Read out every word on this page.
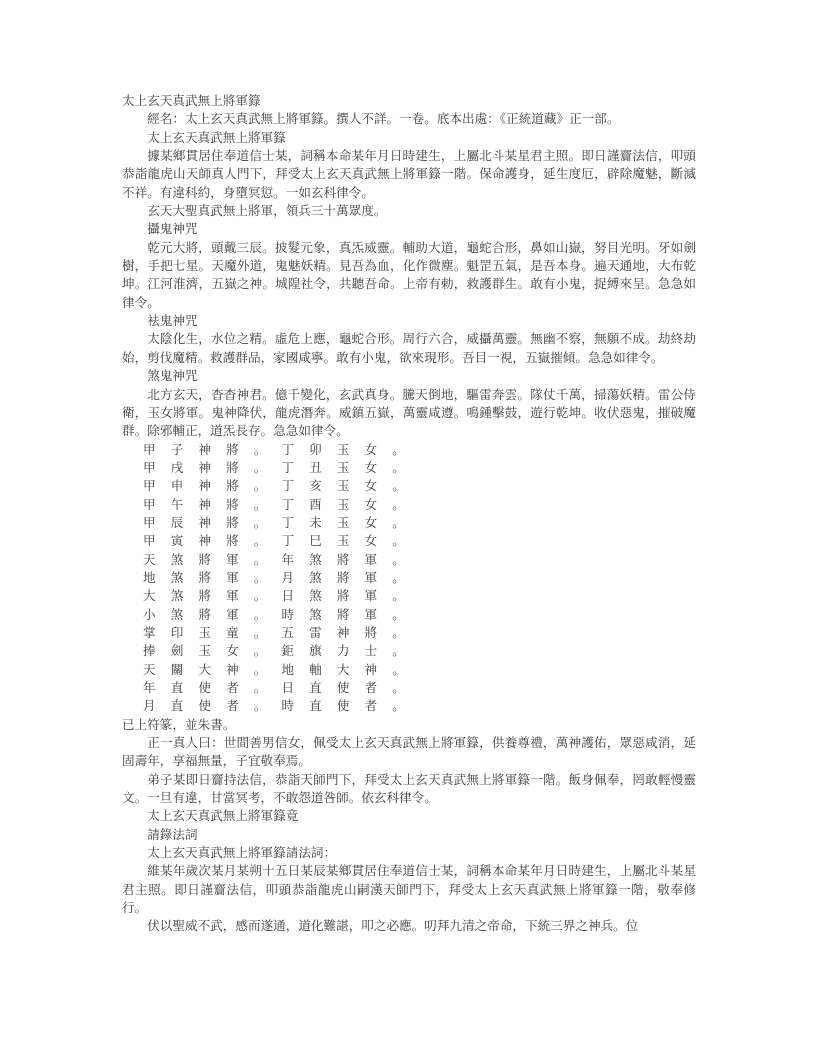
太上玄天真武無上將軍籙

經名：太上玄天真武無上將軍籙。撰人不詳。一卷。底本出處：《正統道藏》正一部。

太上玄天真武無上將軍籙

據某鄉貫居住奉道信士某，詞稱本命某年月日時建生，上屬北斗某星君主照。即日謹齎法信，叩頭恭詣龍虎山天師真人門下，拜受太上玄天真武無上將軍籙一階。保命護身，延生度厄，辟除魔魅，斷滅不祥。有違科約，身墮冥愆。一如玄科律令。

玄天大聖真武無上將軍，領兵三十萬眾度。

攝鬼神咒

乾元大將，頭戴三辰。披髮元象，真炁威靈。輔助大道，龜蛇合形，鼻如山嶽，努目光明。牙如劍樹，手把七星。天魔外道，鬼魅妖精。見吾為血，化作微塵。魁罡五氣，是吾本身。遍天通地，大布乾坤。江河淮濟，五嶽之神。城隍社令，共聽吾命。上帝有勅，救護群生。敢有小鬼，捉縛來呈。急急如律令。

袪鬼神咒

太陰化生，水位之精。虛危上應，龜蛇合形。周行六合，威攝萬靈。無幽不察，無願不成。劫終劫始，剪伐魔精。救護群品，家國咸寧。敢有小鬼，欲來現形。吾目一視，五嶽摧傾。急急如律令。

煞鬼神咒

北方玄天，杳杳神君。億千變化，玄武真身。騰天倒地，驅雷奔雲。隊仗千萬，掃蕩妖精。雷公侍衛，玉女將軍。鬼神降伏，龍虎潛奔。威鎮五嶽，萬靈咸遵。鳴鍾擊鼓，遊行乾坤。收伏惡鬼，摧破魔群。除邪輔正，道炁長存。急急如律令。

甲子神將。丁卯玉女。

甲戌神將。丁丑玉女。

甲申神將。丁亥玉女。

甲午神將。丁酉玉女。

甲辰神將。丁未玉女。

甲寅神將。丁巳玉女。

天煞將軍。年煞將軍。

地煞將軍。月煞將軍。

大煞將軍。日煞將軍。

小煞將軍。時煞將軍。

掌印玉童。五雷神將。

捧劍玉女。鉅旗力士。

天關大神。地軸大神。

年直使者。日直使者。

月直使者。時直使者。

已上符篆，並朱書。

正一真人曰：世間善男信女，佩受太上玄天真武無上將軍籙，供養尊禮，萬神護佑，眾惡咸消，延固壽年，享福無量，子宜敬奉焉。

弟子某即日齎持法信，恭詣天師門下，拜受太上玄天真武無上將軍籙一階。飯身佩奉，罔敢輕慢靈文。一旦有違，甘當冥考，不敢怨道咎師。依玄科律令。

太上玄天真武無上將軍籙竟

請錄法詞

太上玄天真武無上將軍籙請法詞：

維某年歲次某月某朔十五日某辰某鄉貫居住奉道信士某，詞稱本命某年月日時建生，上屬北斗某星君主照。即日謹齎法信，叩頭恭詣龍虎山嗣漢天師門下，拜受太上玄天真武無上將軍籙一階，敬奉修行。

伏以聖威不武，感而遂通，道化難諶，叩之必應。叨拜九清之帝命，下統三界之神兵。位
